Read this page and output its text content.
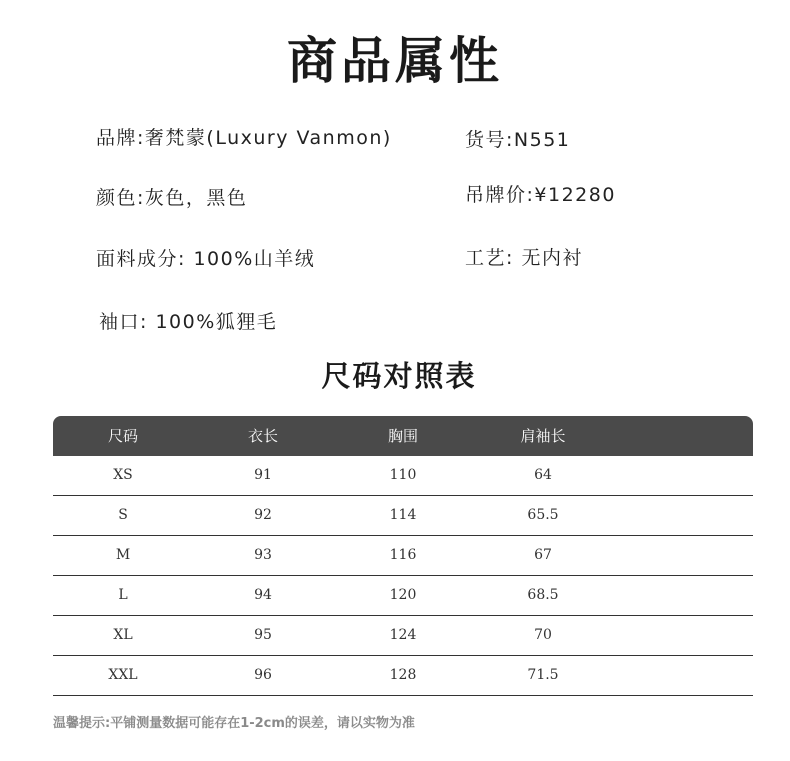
商品属性
品牌:奢梵蒙(Luxury Vanmon)	货号:N551
颜色:灰色，黑色	吊牌价:¥12280
面料成分: 100%山羊绒	工艺: 无内衬
袖口: 100%狐狸毛
尺码对照表
尺码	衣长	胸围	肩袖长
XS	91	110	64
S	92	114	65.5
M	93	116	67
L	94	120	68.5
XL	95	124	70
XXL	96	128	71.5
温馨提示:平铺测量数据可能存在1-2cm的误差，请以实物为准
